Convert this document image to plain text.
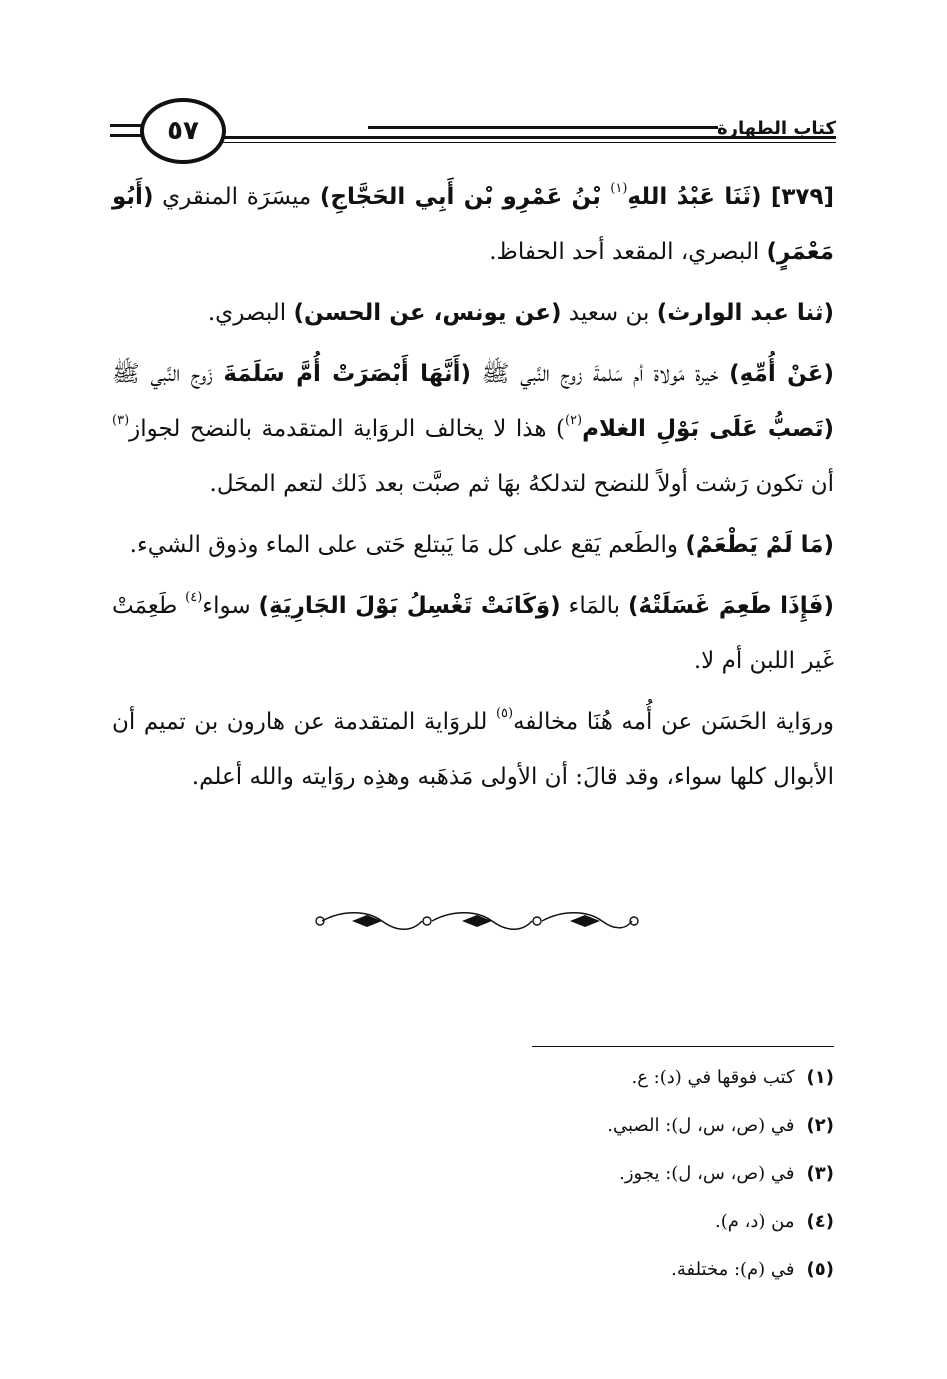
كتاب الطهارة
٥٧

[٣٧٩] (ثَنَا عَبْدُ اللهِ$^{(١)}$ بْنُ عَمْرِو بْن أَبِي الحَجَّاجِ) ميسَرَة المنقري (أَبُو مَعْمَرٍ) البصري، المقعد أحد الحفاظ.

(ثنا عبد الوارث) بن سعيد (عن يونس، عن الحسن) البصري.

(عَنْ أُمِّهِ) خيرة مَولاة أم سَلمةَ زوج النَّبي ﷺ (أَنَّهَا أَبْصَرَتْ أُمَّ سَلَمَةَ زَوج النَّبي ﷺ (تَصبُّ عَلَى بَوْلِ الغلام$^{(٢)}$) هذا لا يخالف الروَاية المتقدمة بالنضح لجواز$^{(٣)}$ أن تكون رَشت أولاً للنضح لتدلكهُ بهَا ثم صبَّت بعد ذَلك لتعم المحَل.

(مَا لَمْ يَطْعَمْ) والطَعم يَقع على كل مَا يَبتلع حَتى على الماء وذوق الشيء.

(فَإِذَا طَعِمَ غَسَلَتْهُ) بالمَاء (وَكَانَتْ تَغْسِلُ بَوْلَ الجَارِيَةِ) سواء$^{(٤)}$ طَعِمَتْ غَير اللبن أم لا.

وروَاية الحَسَن عن أُمه هُنَا مخالفه$^{(٥)}$ للروَاية المتقدمة عن هارون بن تميم أن الأبوال كلها سواء، وقد قالَ: أن الأولى مَذهَبه وهذِه روَايته والله أعلم.

(١)كتب فوقها في (د): ع.
(٢)في (ص، س، ل): الصبي.
(٣)في (ص، س، ل): يجوز.
(٤)من (د، م).
(٥)في (م): مختلفة.
